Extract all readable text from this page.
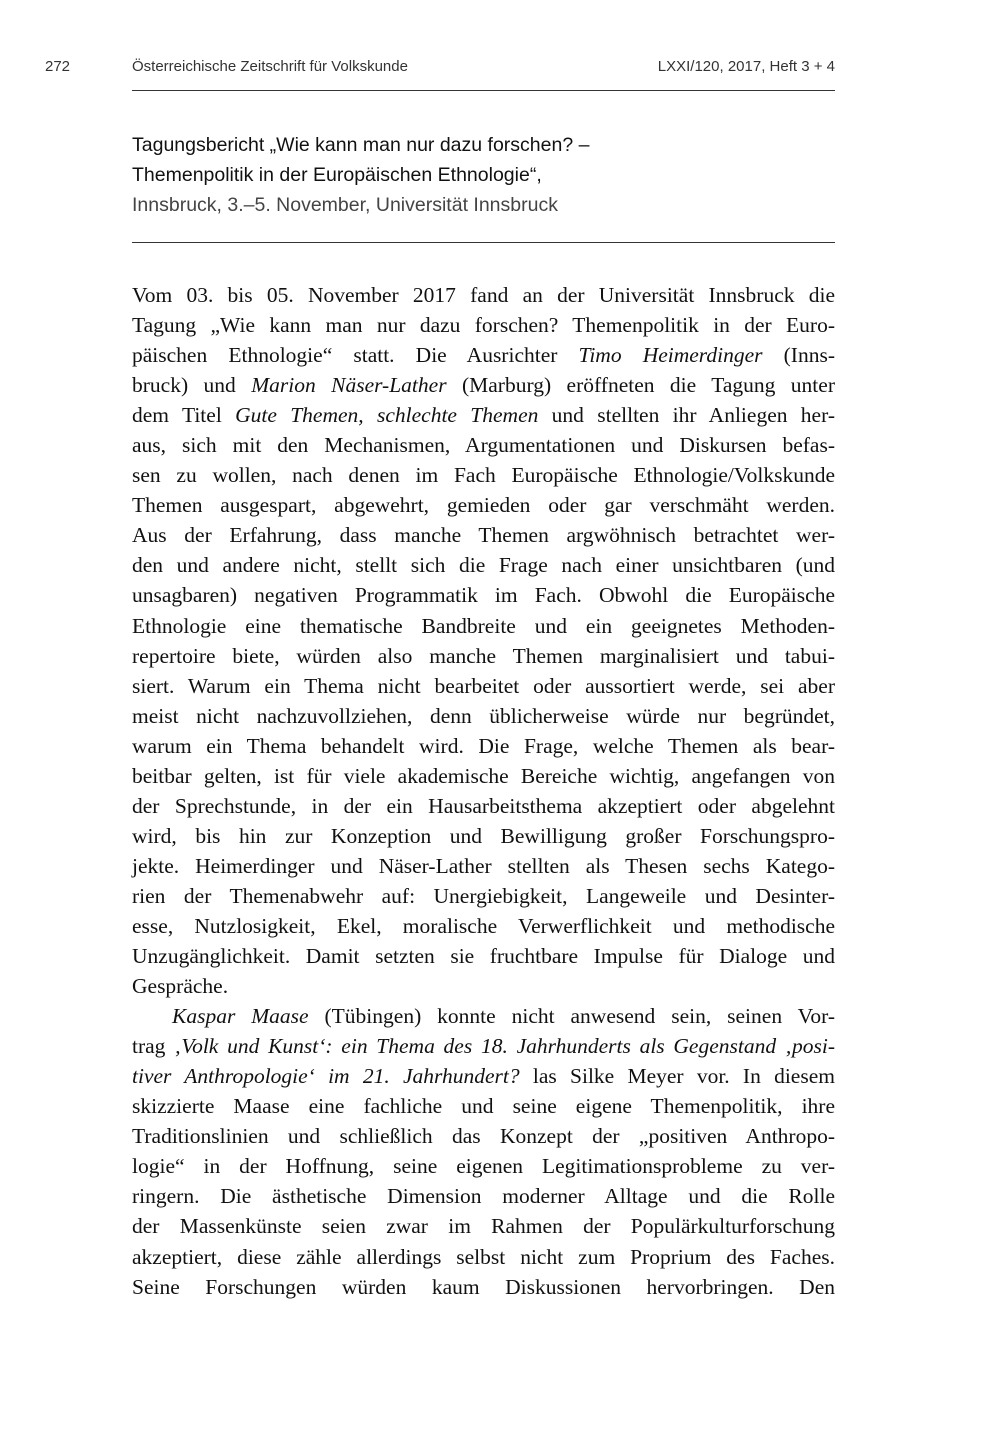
272	Österreichische Zeitschrift für Volkskunde	LXXI/120, 2017, Heft 3 + 4
Tagungsbericht „Wie kann man nur dazu forschen? –
Themenpolitik in der Europäischen Ethnologie“,
Innsbruck, 3.–5. November, Universität Innsbruck
Vom 03. bis 05. November 2017 fand an der Universität Innsbruck die
Tagung „Wie kann man nur dazu forschen? Themenpolitik in der Euro-
päischen Ethnologie“ statt. Die Ausrichter Timo Heimerdinger (Inns-
bruck) und Marion Näser-Lather (Marburg) eröffneten die Tagung unter
dem Titel Gute Themen, schlechte Themen und stellten ihr Anliegen her-
aus, sich mit den Mechanismen, Argumentationen und Diskursen befas-
sen zu wollen, nach denen im Fach Europäische Ethnologie/Volkskunde
Themen ausgespart, abgewehrt, gemieden oder gar verschmäht werden.
Aus der Erfahrung, dass manche Themen argwöhnisch betrachtet wer-
den und andere nicht, stellt sich die Frage nach einer unsichtbaren (und
unsagbaren) negativen Programmatik im Fach. Obwohl die Europäische
Ethnologie eine thematische Bandbreite und ein geeignetes Methoden-
repertoire biete, würden also manche Themen marginalisiert und tabui-
siert. Warum ein Thema nicht bearbeitet oder aussortiert werde, sei aber
meist nicht nachzuvollziehen, denn üblicherweise würde nur begründet,
warum ein Thema behandelt wird. Die Frage, welche Themen als bear-
beitbar gelten, ist für viele akademische Bereiche wichtig, angefangen von
der Sprechstunde, in der ein Hausarbeitsthema akzeptiert oder abgelehnt
wird, bis hin zur Konzeption und Bewilligung großer Forschungspro-
jekte. Heimerdinger und Näser-Lather stellten als Thesen sechs Katego-
rien der Themenabwehr auf: Unergiebigkeit, Langeweile und Desinter-
esse, Nutzlosigkeit, Ekel, moralische Verwerflichkeit und methodische
Unzugänglichkeit. Damit setzten sie fruchtbare Impulse für Dialoge und
Gespräche.
Kaspar Maase (Tübingen) konnte nicht anwesend sein, seinen Vor-
trag ‚Volk und Kunst‘: ein Thema des 18. Jahrhunderts als Gegenstand ‚posi-
tiver Anthropologie‘ im 21. Jahrhundert? las Silke Meyer vor. In diesem
skizzierte Maase eine fachliche und seine eigene Themenpolitik, ihre
Traditionslinien und schließlich das Konzept der „positiven Anthropo-
logie“ in der Hoffnung, seine eigenen Legitimationsprobleme zu ver-
ringern. Die ästhetische Dimension moderner Alltage und die Rolle
der Massenkünste seien zwar im Rahmen der Populärkulturforschung
akzeptiert, diese zähle allerdings selbst nicht zum Proprium des Faches.
Seine Forschungen würden kaum Diskussionen hervorbringen. Den
